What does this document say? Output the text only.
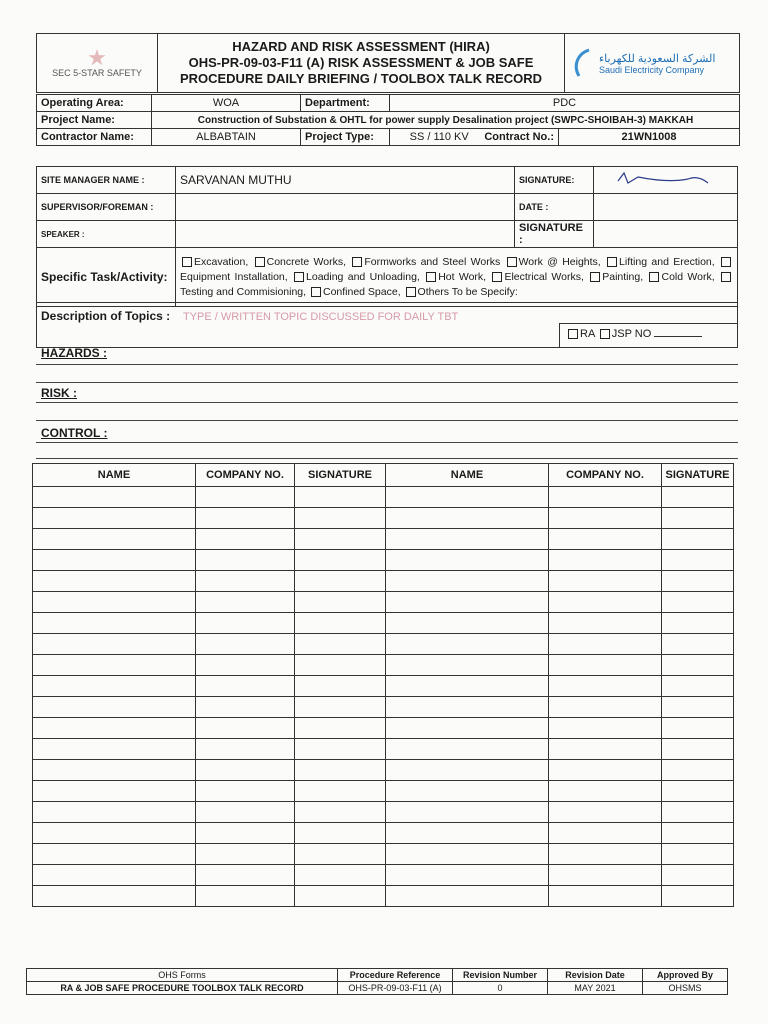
★
SEC 5-STAR SAFETY	
HAZARD AND RISK ASSESSMENT (HIRA)
OHS-PR-09-03-F11 (A) RISK ASSESSMENT & JOB SAFE
PROCEDURE DAILY BRIEFING / TOOLBOX TALK RECORD

الشركة السعودية للكهرباء
Saudi Electricity Company
Operating Area:	WOA	Department:	PDC	
Project Name:	Construction of Substation & OHTL for power supply Desalination project (SWPC-SHOIBAH-3) MAKKAH			
Contractor Name:	ALBABTAIN	Project Type:	SS / 110 KV Contract No.:	21WN1008
SITE MANAGER NAME :	SARVANAN MUTHU	SIGNATURE:	
SUPERVISOR/FOREMAN :		DATE :	
SPEAKER :		SIGNATURE :	
Specific Task/Activity:	Excavation, Concrete Works, Formworks and Steel Works Work @ Heights, Lifting and Erection, Equipment Installation, Loading and Unloading, Hot Work, Electrical Works, Painting, Cold Work, Testing and Commisioning, Confined Space, Others To be Specify:		
Description of Topics : TYPE / WRITTEN TOPIC DISCUSSED FOR DAILY TBT
RA JSP NO
HAZARDS :
RISK :
CONTROL :
NAME	COMPANY NO.	SIGNATURE	NAME	COMPANY NO.	SIGNATURE

OHS Forms	Procedure Reference	Revision Number	Revision Date	Approved By
RA & JOB SAFE PROCEDURE TOOLBOX TALK RECORD	OHS-PR-09-03-F11 (A)	0	MAY 2021	OHSMS
